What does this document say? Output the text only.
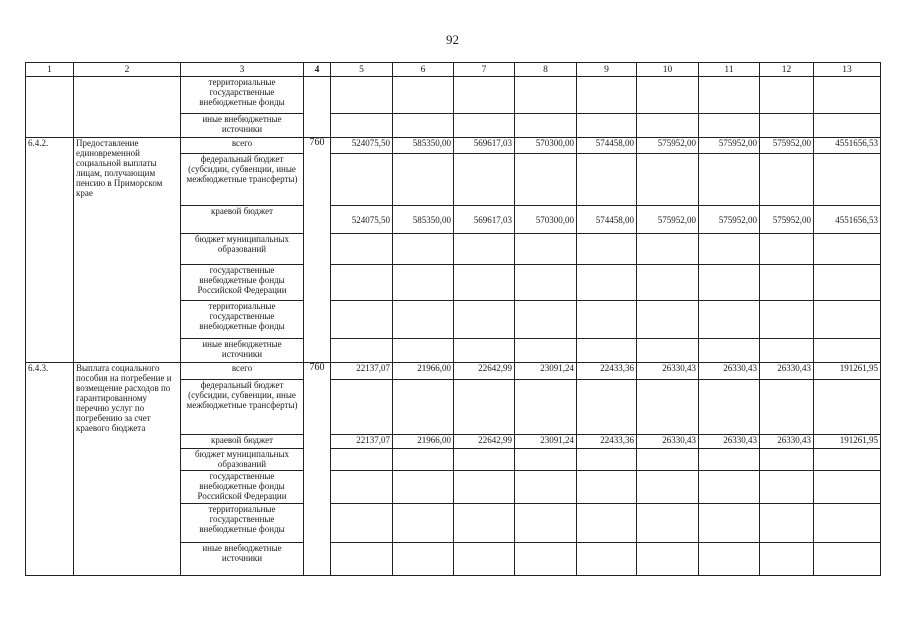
92
1	2	3	4	5	6	7	8	9	10	11	12	13
		территориальные государственные внебюджетные фонды										
		иные внебюджетные источники										
6.4.2.	Предоставление единовременной социальной выплаты лицам, получающим пенсию в Приморском крае	всего	760	524075,50	585350,00	569617,03	570300,00	574458,00	575952,00	575952,00	575952,00	4551656,53
		федеральный бюджет (субсидии, субвенции, иные межбюджетные трансферты)										
		краевой бюджет		524075,50	585350,00	569617,03	570300,00	574458,00	575952,00	575952,00	575952,00	4551656,53
		бюджет муниципальных образований										
		государственные внебюджетные фонды Российской Федерации										
		территориальные государственные внебюджетные фонды										
		иные внебюджетные источники										
6.4.3.	Выплата социального пособия на погребение и возмещение расходов по гарантированному перечню услуг по погребению за счет краевого бюджета	всего	760	22137,07	21966,00	22642,99	23091,24	22433,36	26330,43	26330,43	26330,43	191261,95
		федеральный бюджет (субсидии, субвенции, иные межбюджетные трансферты)										
		краевой бюджет		22137,07	21966,00	22642,99	23091,24	22433,36	26330,43	26330,43	26330,43	191261,95
		бюджет муниципальных образований										
		государственные внебюджетные фонды Российской Федерации										
		территориальные государственные внебюджетные фонды										
		иные внебюджетные источники										
